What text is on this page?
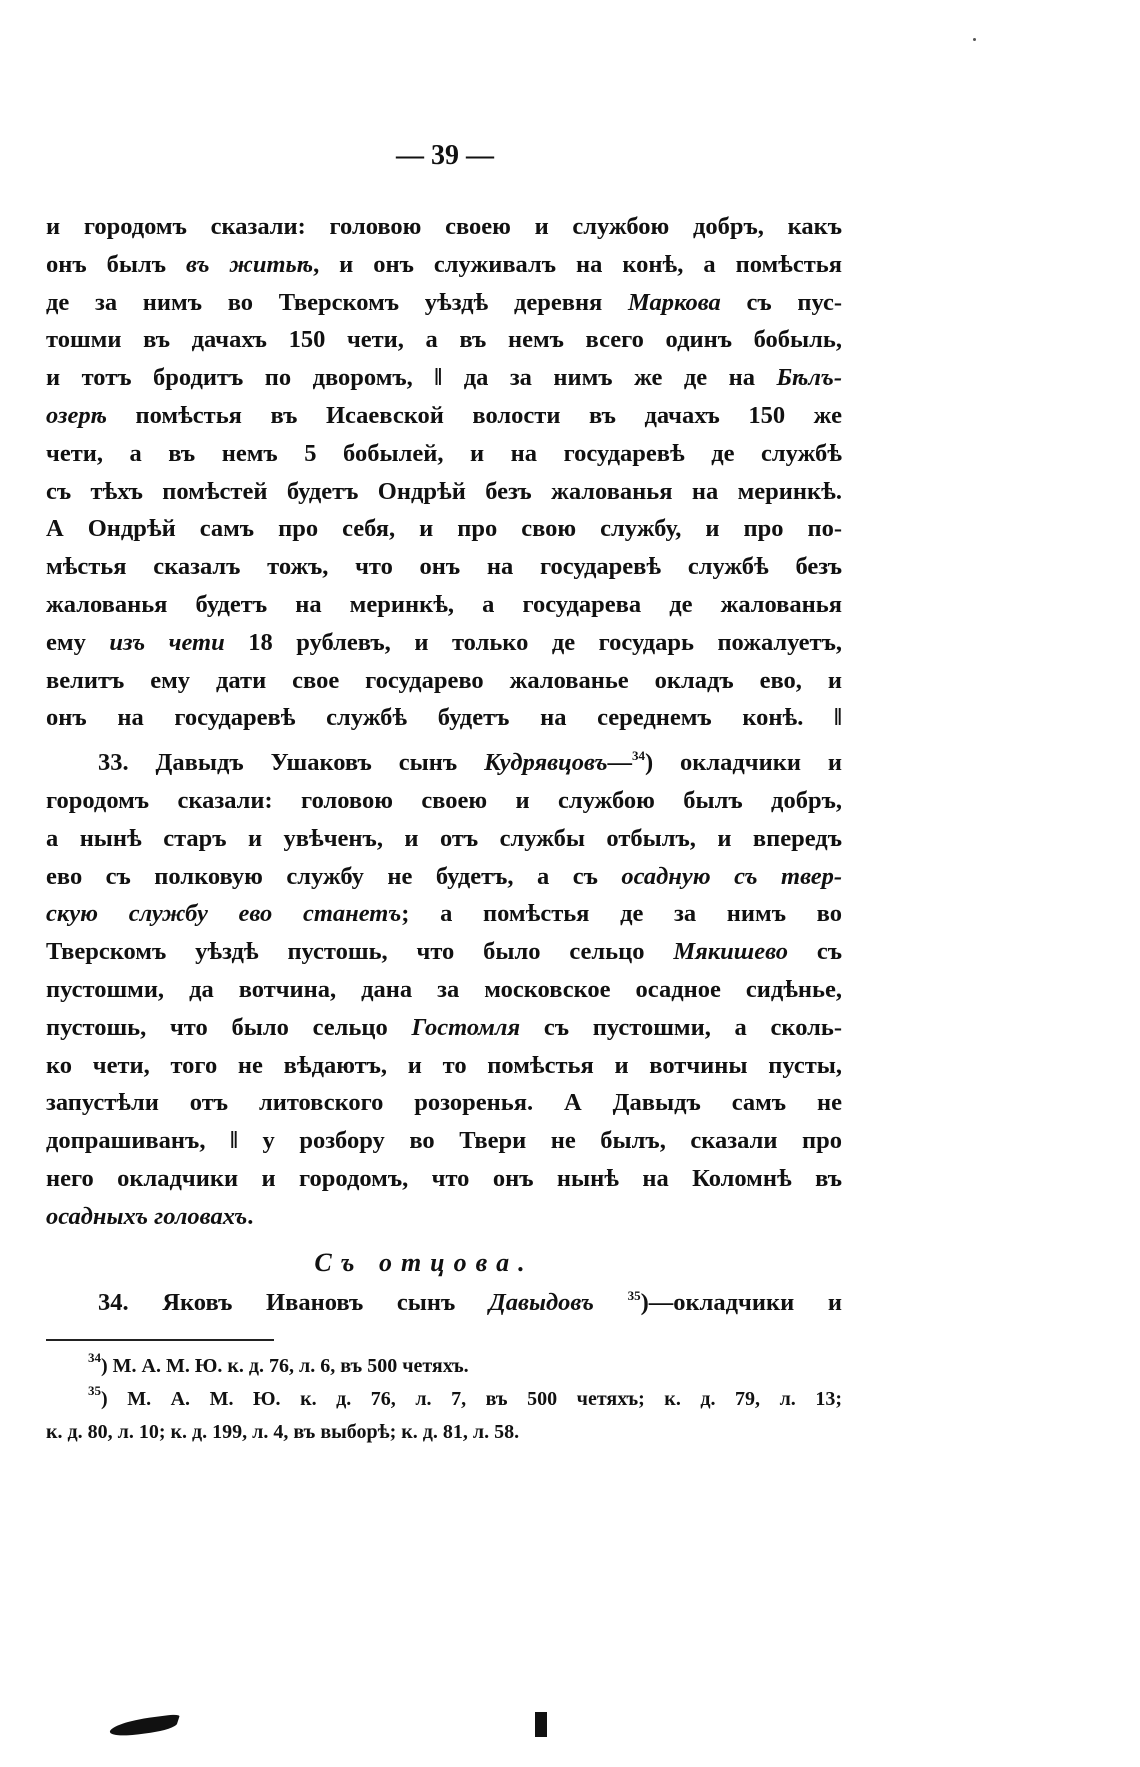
— 39 —
и городомъ сказали: головою своею и службою добръ, какъ
онъ былъ въ житьѣ, и онъ служивалъ на конѣ, а помѣстья
де за нимъ во Тверскомъ уѣздѣ деревня Маркова съ пус-
тошми въ дачахъ 150 чети, а въ немъ всего одинъ бобыль,
и тотъ бродитъ по дворомъ, ‖ да за нимъ же де на Бѣлъ-
озерѣ помѣстья въ Исаевской волости въ дачахъ 150 же
чети, а въ немъ 5 бобылей, и на государевѣ де службѣ
съ тѣхъ помѣстей будетъ Ондрѣй безъ жалованья на меринкѣ.
А Ондрѣй самъ про себя, и про свою службу, и про по-
мѣстья сказалъ тожъ, что онъ на государевѣ службѣ безъ
жалованья будетъ на меринкѣ, а государева де жалованья
ему изъ чети 18 рублевъ, и только де государь пожалуетъ,
велитъ ему дати свое государево жалованье окладъ ево, и
онъ на государевѣ службѣ будетъ на середнемъ конѣ. ‖
33. Давыдъ Ушаковъ сынъ Кудрявцовъ—$^{34}$) окладчики и
городомъ сказали: головою своею и службою былъ добръ,
а нынѣ старъ и увѣченъ, и отъ службы отбылъ, и впередъ
ево съ полковую службу не будетъ, а съ осадную съ твер-
скую службу ево станетъ; а помѣстья де за нимъ во
Тверскомъ уѣздѣ пустошь, что было сельцо Мякишево съ
пустошми, да вотчина, дана за московское осадное сидѣнье,
пустошь, что было сельцо Гостомля съ пустошми, а сколь-
ко чети, того не вѣдаютъ, и то помѣстья и вотчины пусты,
запустѣли отъ литовского розоренья. А Давыдъ самъ не
допрашиванъ, ‖ у розбору во Твери не былъ, сказали про
него окладчики и городомъ, что онъ нынѣ на Коломнѣ въ
осадныхъ головахъ.
Съ отцова.
34. Яковъ Ивановъ сынъ Давыдовъ	$^{35}$)—окладчики и
$^{34}$) М. А. М. Ю. к. д. 76, л. 6, въ 500 четяхъ.
$^{35}$) М. А. М. Ю. к. д. 76, л. 7, въ 500 четяхъ; к. д. 79, л. 13;
к. д. 80, л. 10; к. д. 199, л. 4, въ выборѣ; к. д. 81, л. 58.
